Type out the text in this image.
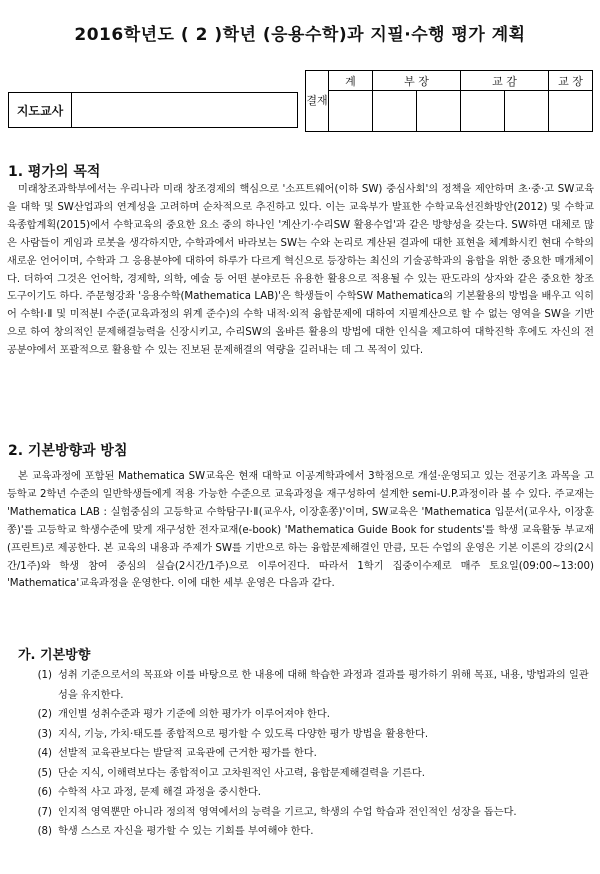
2016학년도 ( 2 )학년 (응용수학)과 지필·수행 평가 계획
지도교사
결재	계	부 장		교 감		교 장

1. 평가의 목적

미래창조과학부에서는 우리나라 미래 창조경제의 핵심으로 '소프트웨어(이하 SW) 중심사회'의 정책을 제안하며 초·중·고 SW교육을 대학 및 SW산업과의 연계성을 고려하며 순차적으로 추진하고 있다. 이는 교육부가 발표한 수학교육선진화방안(2012) 및 수학교육종합계획(2015)에서 수학교육의 중요한 요소 중의 하나인 '계산기·수리SW 활용수업'과 같은 방향성을 갖는다. SW하면 대체로 많은 사람들이 게임과 로봇을 생각하지만, 수학과에서 바라보는 SW는 수와 논리로 계산된 결과에 대한 표현을 체계화시킨 현대 수학의 새로운 언어이며, 수학과 그 응용분야에 대하여 하루가 다르게 혁신으로 등장하는 최신의 기술공학과의 융합을 위한 중요한 매개체이다. 더하여 그것은 언어학, 경제학, 의학, 예술 등 어떤 분야로든 유용한 활용으로 적용될 수 있는 판도라의 상자와 같은 중요한 창조 도구이기도 하다. 주문형강좌 '응용수학(Mathematica LAB)'은 학생들이 수학SW Mathematica의 기본활용의 방법을 배우고 익히어 수학Ⅰ·Ⅱ 및 미적분Ⅰ 수준(교육과정의 위계 준수)의 수학 내적·외적 융합문제에 대하여 지필계산으로 할 수 없는 영역을 SW을 기반으로 하여 창의적인 문제해결능력을 신장시키고, 수리SW의 올바른 활용의 방법에 대한 인식을 제고하여 대학진학 후에도 자신의 전공분야에서 포괄적으로 활용할 수 있는 진보된 문제해결의 역량을 길러내는 데 그 목적이 있다.

2. 기본방향과 방침

본 교육과정에 포함된 Mathematica SW교육은 현재 대학교 이공계학과에서 3학점으로 개설·운영되고 있는 전공기초 과목을 고등학교 2학년 수준의 일반학생들에게 적용 가능한 수준으로 교육과정을 재구성하여 설계한 semi-U.P.과정이라 볼 수 있다. 주교재는 'Mathematica LAB : 실험중심의 고등학교 수학탐구Ⅰ·Ⅱ(교우사, 이장훈쫑)'이며, SW교육은 'Mathematica 입문서(교우사, 이장훈쫑)'를 고등학교 학생수준에 맞게 재구성한 전자교재(e-book) 'Mathematica Guide Book for students'를 학생 교육활동 부교재(프린트)로 제공한다. 본 교육의 내용과 주제가 SW를 기반으로 하는 융합문제해결인 만큼, 모든 수업의 운영은 기본 이론의 강의(2시간/1주)와 학생 참여 중심의 실습(2시간/1주)으로 이루어진다. 따라서 1학기 집중이수제로 매주 토요일(09:00~13:00) 'Mathematica'교육과정을 운영한다. 이에 대한 세부 운영은 다음과 같다.

가. 기본방향
(1) 성취 기준으로서의 목표와 이를 바탕으로 한 내용에 대해 학습한 과정과 결과를 평가하기 위해 목표, 내용, 방법과의 일관성을 유지한다.
(2) 개인별 성취수준과 평가 기준에 의한 평가가 이루어져야 한다.
(3) 지식, 기능, 가치·태도를 종합적으로 평가할 수 있도록 다양한 평가 방법을 활용한다.
(4) 선발적 교육관보다는 발달적 교육관에 근거한 평가를 한다.
(5) 단순 지식, 이해력보다는 종합적이고 고차원적인 사고력, 융합문제해결력을 기른다.
(6) 수학적 사고 과정, 문제 해결 과정을 중시한다.
(7) 인지적 영역뿐만 아니라 정의적 영역에서의 능력을 기르고, 학생의 수업 학습과 전인적인 성장을 돕는다.
(8) 학생 스스로 자신을 평가할 수 있는 기회를 부여해야 한다.
